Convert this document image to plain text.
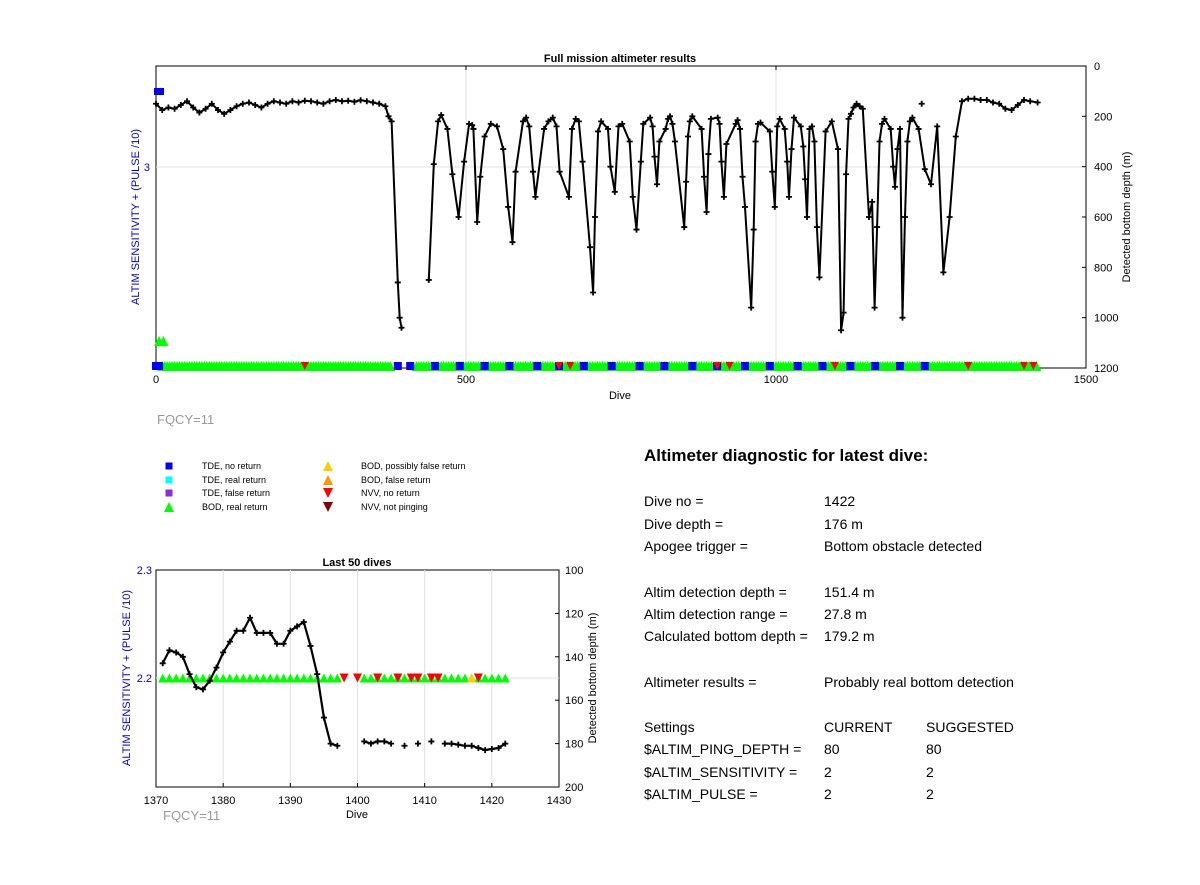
0	500	1000	1500
3
0
200
400
600
800
1000
1200
Full mission altimeter results
Dive
ALTIM SENSITIVITY + (PULSE /10)	Detected bottom depth (m)
FQCY=11
TDE, no return
TDE, real return
TDE, false return
BOD, real return
BOD, possibly false return
BOD, false return
NVV, no return
NVV, not pinging
1370	1380	1390	1400	1410	1420	1430
2.3
2.2
100
120
140
160
180
200
Last 50 dives
Dive
ALTIM SENSITIVITY + (PULSE /10)	Detected bottom depth (m)
FQCY=11
Altimeter diagnostic for latest dive:
Dive no =	1422
Dive depth =	176 m
Apogee trigger =	Bottom obstacle detected
Altim detection depth =	151.4 m
Altim detection range =	27.8 m
Calculated bottom depth = 179.2 m
Altimeter results =	Probably real bottom detection
Settings	CURRENT SUGGESTED
$ALTIM_PING_DEPTH = 80	80
$ALTIM_SENSITIVITY = 2	2
$ALTIM_PULSE =	2	2
